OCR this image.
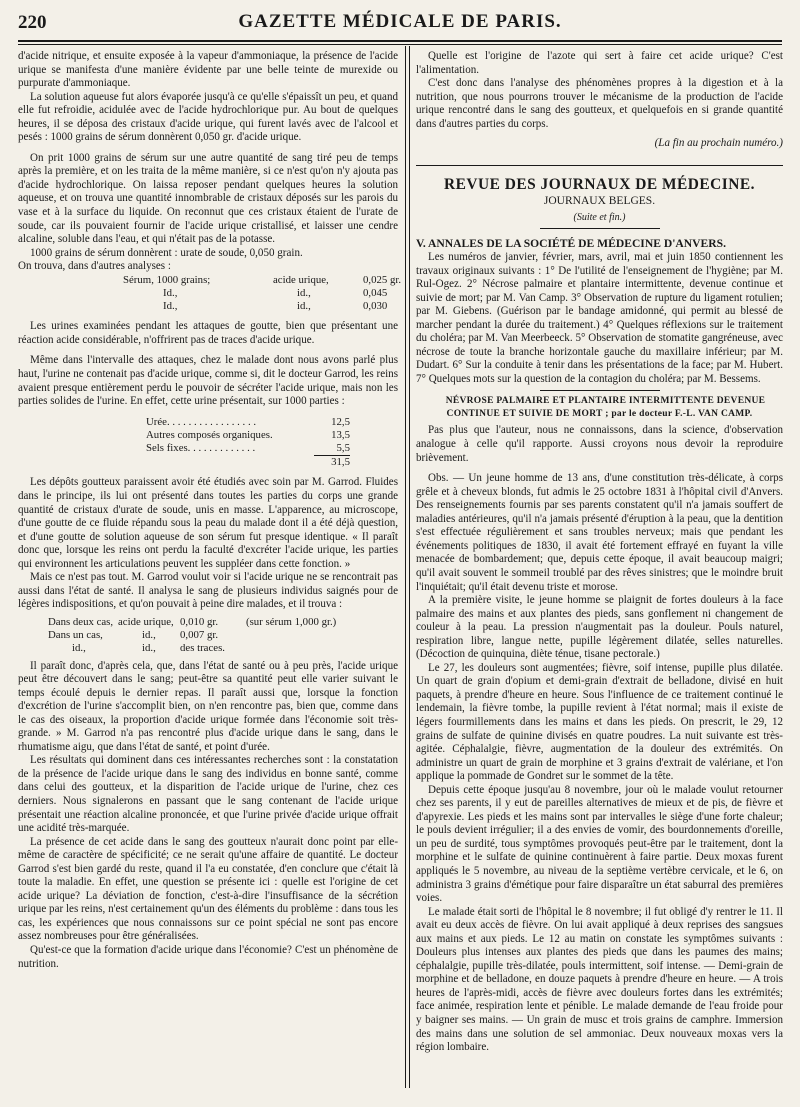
220	GAZETTE MÉDICALE DE PARIS.

d'acide nitrique, et ensuite exposée à la vapeur d'ammoniaque, la présence de l'acide urique se manifesta d'une manière évidente par une belle teinte de murexide ou purpurate d'ammoniaque.

La solution aqueuse fut alors évaporée jusqu'à ce qu'elle s'épaissît un peu, et quand elle fut refroidie, acidulée avec de l'acide hydrochlorique pur. Au bout de quelques heures, il se déposa des cristaux d'acide urique, qui furent lavés avec de l'alcool et pesés : 1000 grains de sérum donnèrent 0,050 gr. d'acide urique.

On prit 1000 grains de sérum sur une autre quantité de sang tiré peu de temps après la première, et on les traita de la même manière, si ce n'est qu'on n'y ajouta pas d'acide hydrochlorique. On laissa reposer pendant quelques heures la solution aqueuse, et on trouva une quantité innombrable de cristaux déposés sur les parois du vase et à la surface du liquide. On reconnut que ces cristaux étaient de l'urate de soude, car ils pouvaient fournir de l'acide urique cristallisé, et laisser une cendre alcaline, soluble dans l'eau, et qui n'était pas de la potasse.

1000 grains de sérum donnèrent : urate de soude, 0,050 grain.

On trouva, dans d'autres analyses :

Sérum, 1000 grains;	acide urique,	0,025 gr.
Id.,	id.,	0,045
Id.,	id.,	0,030

Les urines examinées pendant les attaques de goutte, bien que présentant une réaction acide considérable, n'offrirent pas de traces d'acide urique.

Même dans l'intervalle des attaques, chez le malade dont nous avons parlé plus haut, l'urine ne contenait pas d'acide urique, comme si, dit le docteur Garrod, les reins avaient presque entièrement perdu le pouvoir de sécréter l'acide urique, mais non les parties solides de l'urine. En effet, cette urine présentait, sur 1000 parties :

Urée. . . . . . . . . . . . . . . . .	12,5
Autres composés organiques.	13,5
Sels fixes. . . . . . . . . . . . .	5,5
31,5

Les dépôts goutteux paraissent avoir été étudiés avec soin par M. Garrod. Fluides dans le principe, ils lui ont présenté dans toutes les parties du corps une grande quantité de cristaux d'urate de soude, unis en masse. L'apparence, au microscope, d'une goutte de ce fluide répandu sous la peau du malade dont il a été déjà question, et d'une goutte de solution aqueuse de son sérum fut presque identique. « Il paraît donc que, lorsque les reins ont perdu la faculté d'excréter l'acide urique, les parties qui environnent les articulations peuvent les suppléer dans cette fonction. »

Mais ce n'est pas tout. M. Garrod voulut voir si l'acide urique ne se rencontrait pas aussi dans l'état de santé. Il analysa le sang de plusieurs individus saignés pour de légères indispositions, et qu'on pouvait à peine dire malades, et il trouva :

Dans deux cas, acide urique, 0,010 gr.	(sur sérum 1,000 gr.)
Dans un cas,	id.,	0,007 gr.
id.,	id.,	des traces.

Il paraît donc, d'après cela, que, dans l'état de santé ou à peu près, l'acide urique peut être découvert dans le sang; peut-être sa quantité peut elle varier suivant le temps écoulé depuis le dernier repas. Il paraît aussi que, lorsque la fonction d'excrétion de l'urine s'accomplit bien, on n'en rencontre pas, bien que, comme dans le cas des oiseaux, la proportion d'acide urique formée dans l'économie soit très-grande. » M. Garrod n'a pas rencontré plus d'acide urique dans le sang, dans le rhumatisme aigu, que dans l'état de santé, et point d'urée.

Les résultats qui dominent dans ces intéressantes recherches sont : la constatation de la présence de l'acide urique dans le sang des individus en bonne santé, comme dans celui des goutteux, et la disparition de l'acide urique de l'urine, chez ces derniers. Nous signalerons en passant que le sang contenant de l'acide urique présentait une réaction alcaline prononcée, et que l'urine privée d'acide urique offrait une acidité très-marquée.

La présence de cet acide dans le sang des goutteux n'aurait donc point par elle-même de caractère de spécificité; ce ne serait qu'une affaire de quantité. Le docteur Garrod s'est bien gardé du reste, quand il l'a eu constatée, d'en conclure que c'était là toute la maladie. En effet, une question se présente ici : quelle est l'origine de cet acide urique? La déviation de fonction, c'est-à-dire l'insuffisance de la sécrétion urique par les reins, n'est certainement qu'un des éléments du problème : dans tous les cas, les expériences que nous connaissons sur ce point spécial ne sont pas encore assez nombreuses pour être généralisées.

Qu'est-ce que la formation d'acide urique dans l'économie? C'est un phénomène de nutrition.

Quelle est l'origine de l'azote qui sert à faire cet acide urique? C'est l'alimentation.

C'est donc dans l'analyse des phénomènes propres à la digestion et à la nutrition, que nous pourrons trouver le mécanisme de la production de l'acide urique rencontré dans le sang des goutteux, et quelquefois en si grande quantité dans d'autres parties du corps.

(La fin au prochain numéro.)
REVUE DES JOURNAUX DE MÉDECINE.
JOURNAUX BELGES.
(Suite et fin.)

V. ANNALES DE LA SOCIÉTÉ DE MÉDECINE D'ANVERS.

Les numéros de janvier, février, mars, avril, mai et juin 1850 contiennent les travaux originaux suivants : 1° De l'utilité de l'enseignement de l'hygiène; par M. Rul-Ogez. 2° Nécrose palmaire et plantaire intermittente, devenue continue et suivie de mort; par M. Van Camp. 3° Observation de rupture du ligament rotulien; par M. Giebens. (Guérison par le bandage amidonné, qui permit au blessé de marcher pendant la durée du traitement.) 4° Quelques réflexions sur le traitement du choléra; par M. Van Meerbeeck. 5° Observation de stomatite gangréneuse, avec nécrose de toute la branche horizontale gauche du maxillaire inférieur; par M. Dudart. 6° Sur la conduite à tenir dans les présentations de la face; par M. Hubert. 7° Quelques mots sur la question de la contagion du choléra; par M. Bessems.

NÉVROSE PALMAIRE ET PLANTAIRE INTERMITTENTE DEVENUE CONTINUE ET SUIVIE DE MORT ; par le docteur F.-L. VAN CAMP.

Pas plus que l'auteur, nous ne connaissons, dans la science, d'observation analogue à celle qu'il rapporte. Aussi croyons nous devoir la reproduire brièvement.

Obs. — Un jeune homme de 13 ans, d'une constitution très-délicate, à corps grêle et à cheveux blonds, fut admis le 25 octobre 1831 à l'hôpital civil d'Anvers. Des renseignements fournis par ses parents constatent qu'il n'a jamais souffert de maladies antérieures, qu'il n'a jamais présenté d'éruption à la peau, que la dentition s'est effectuée régulièrement et sans troubles nerveux; mais que pendant les événements politiques de 1830, il avait été fortement effrayé en fuyant la ville menacée de bombardement; que, depuis cette époque, il avait beaucoup maigri; qu'il avait souvent le sommeil troublé par des rêves sinistres; que le moindre bruit l'inquiétait; qu'il était devenu triste et morose.

A la première visite, le jeune homme se plaignit de fortes douleurs à la face palmaire des mains et aux plantes des pieds, sans gonflement ni changement de couleur à la peau. La pression n'augmentait pas la douleur. Pouls naturel, respiration libre, langue nette, pupille légèrement dilatée, selles naturelles. (Décoction de quinquina, diète ténue, tisane pectorale.)

Le 27, les douleurs sont augmentées; fièvre, soif intense, pupille plus dilatée. Un quart de grain d'opium et demi-grain d'extrait de belladone, divisé en huit paquets, à prendre d'heure en heure. Sous l'influence de ce traitement continué le lendemain, la fièvre tombe, la pupille revient à l'état normal; mais il existe de légers fourmillements dans les mains et dans les pieds. On prescrit, le 29, 12 grains de sulfate de quinine divisés en quatre poudres. La nuit suivante est très-agitée. Céphalalgie, fièvre, augmentation de la douleur des extrémités. On administre un quart de grain de morphine et 3 grains d'extrait de valériane, et l'on applique la pommade de Gondret sur le sommet de la tête.

Depuis cette époque jusqu'au 8 novembre, jour où le malade voulut retourner chez ses parents, il y eut de pareilles alternatives de mieux et de pis, de fièvre et d'apyrexie. Les pieds et les mains sont par intervalles le siège d'une forte chaleur; le pouls devient irrégulier; il a des envies de vomir, des bourdonnements d'oreille, un peu de surdité, tous symptômes provoqués peut-être par le traitement, dont la morphine et le sulfate de quinine continuèrent à faire partie. Deux moxas furent appliqués le 5 novembre, au niveau de la septième vertèbre cervicale, et le 6, on administra 3 grains d'émétique pour faire disparaître un état saburral des premières voies.

Le malade était sorti de l'hôpital le 8 novembre; il fut obligé d'y rentrer le 11. Il avait eu deux accès de fièvre. On lui avait appliqué à deux reprises des sangsues aux mains et aux pieds. Le 12 au matin on constate les symptômes suivants : Douleurs plus intenses aux plantes des pieds que dans les paumes des mains; céphalalgie, pupille très-dilatée, pouls intermittent, soif intense. — Demi-grain de morphine et de belladone, en douze paquets à prendre d'heure en heure. — A trois heures de l'après-midi, accès de fièvre avec douleurs fortes dans les extrémités; face animée, respiration lente et pénible. Le malade demande de l'eau froide pour y baigner ses mains. — Un grain de musc et trois grains de camphre. Immersion des mains dans une solution de sel ammoniac. Deux nouveaux moxas vers la région lombaire.
